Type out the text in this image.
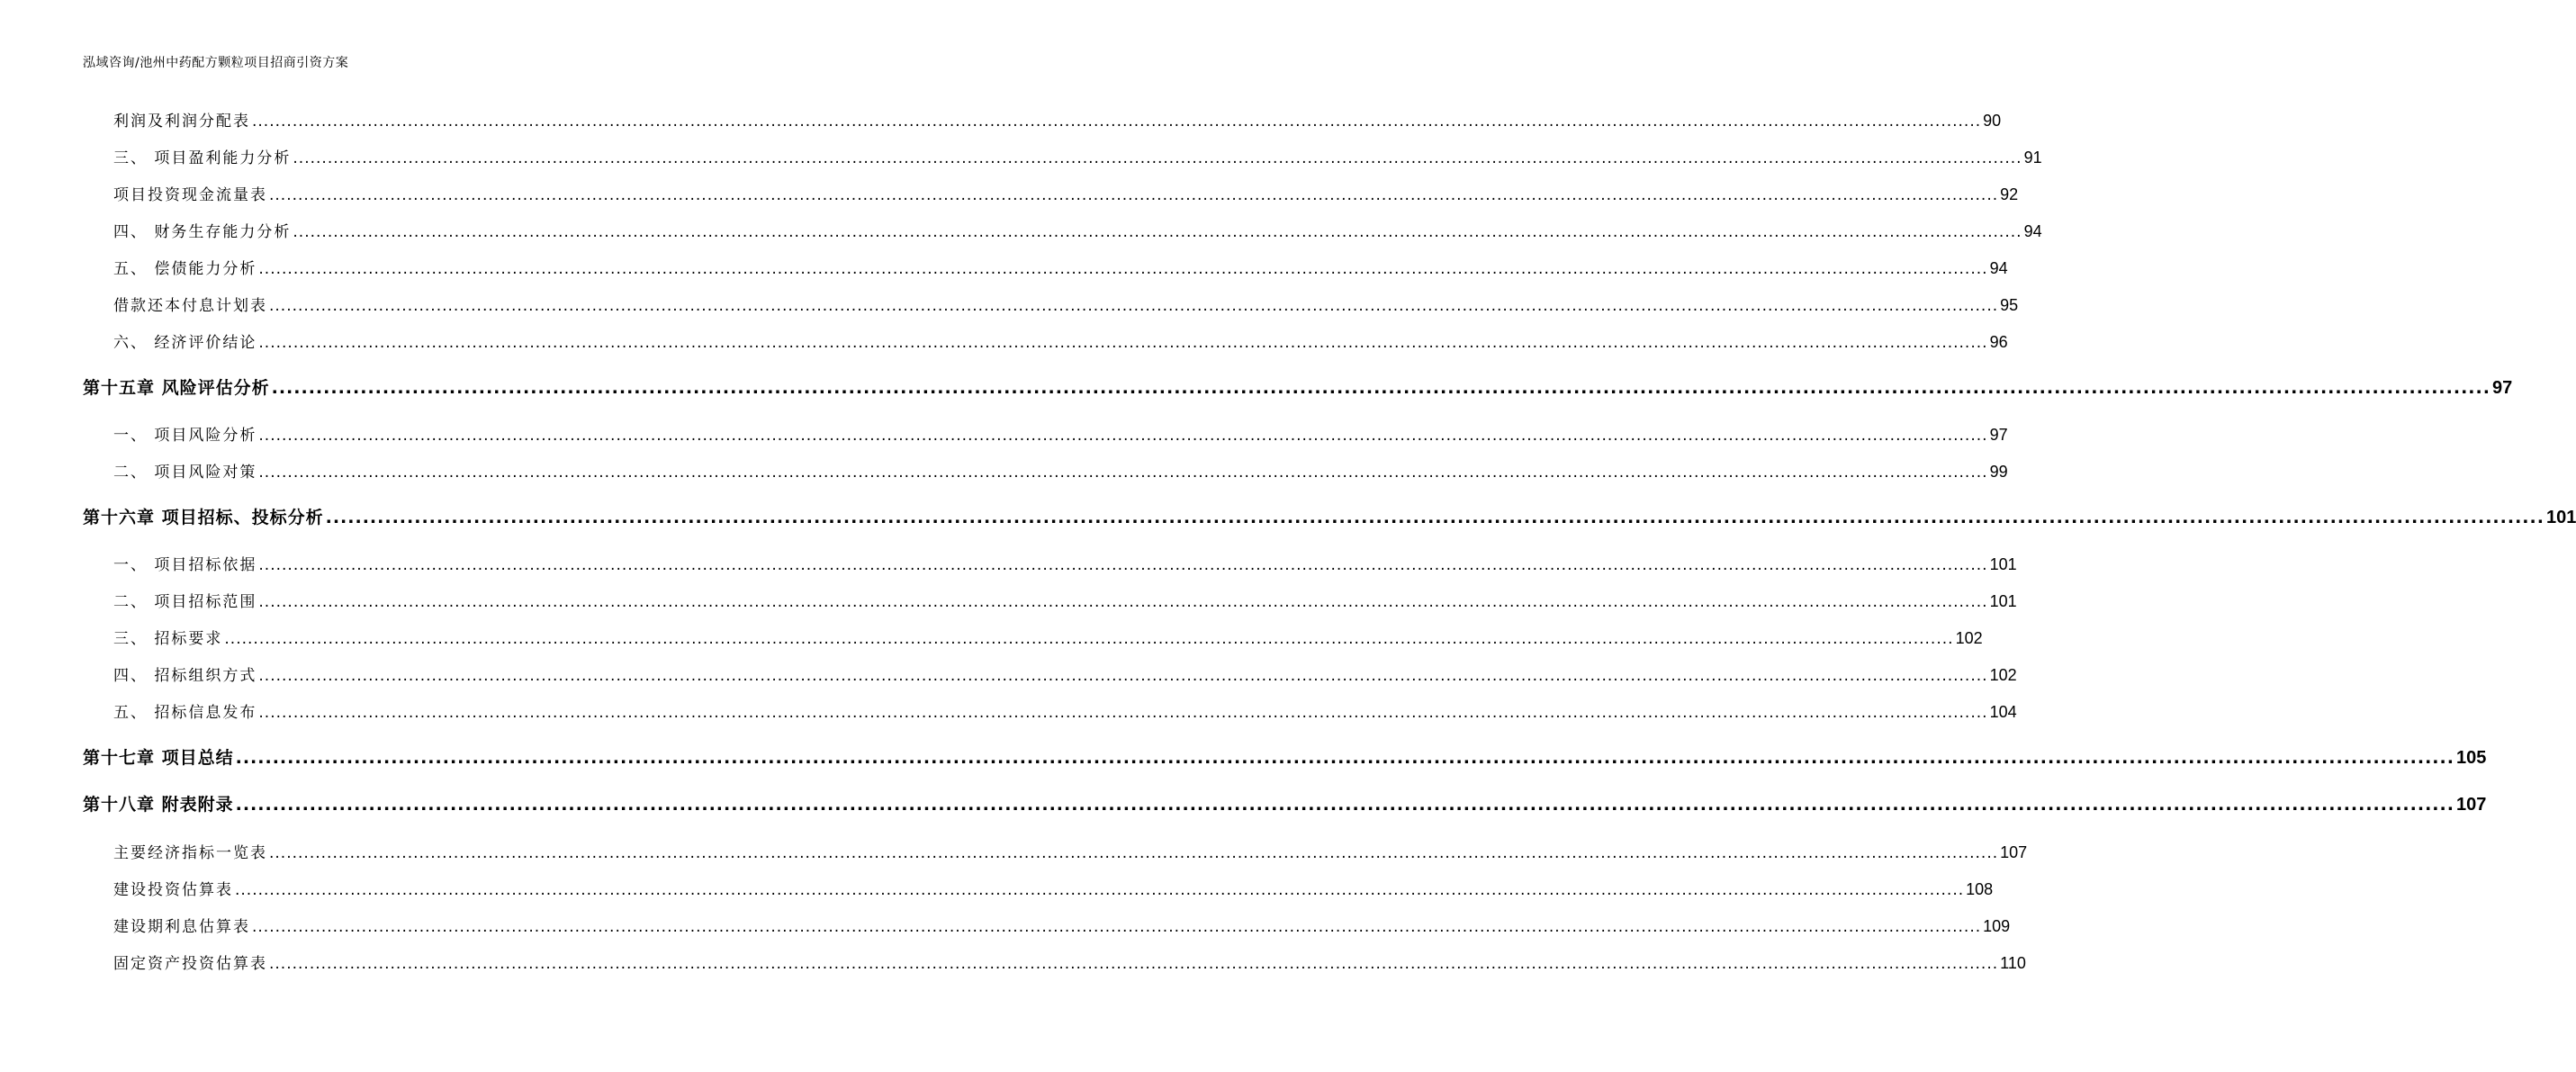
泓域咨询/池州中药配方颗粒项目招商引资方案
利润及利润分配表 ............................................................................................................................................................................................................................................................................................................ 90
三、 项目盈利能力分析 ............................................................................................................................................................................................................................................................................................................ 91
项目投资现金流量表 ............................................................................................................................................................................................................................................................................................................ 92
四、 财务生存能力分析 ............................................................................................................................................................................................................................................................................................................ 94
五、 偿债能力分析 ............................................................................................................................................................................................................................................................................................................ 94
借款还本付息计划表 ............................................................................................................................................................................................................................................................................................................ 95
六、 经济评价结论 ............................................................................................................................................................................................................................................................................................................ 96
第十五章 风险评估分析 ............................................................................................................................................................................................................................................................................................................ 97
一、 项目风险分析 ............................................................................................................................................................................................................................................................................................................ 97
二、 项目风险对策 ............................................................................................................................................................................................................................................................................................................ 99
第十六章 项目招标、投标分析 ............................................................................................................................................................................................................................................................................................................ 101
一、 项目招标依据 ............................................................................................................................................................................................................................................................................................................ 101
二、 项目招标范围 ............................................................................................................................................................................................................................................................................................................ 101
三、 招标要求 ............................................................................................................................................................................................................................................................................................................ 102
四、 招标组织方式 ............................................................................................................................................................................................................................................................................................................ 102
五、 招标信息发布 ............................................................................................................................................................................................................................................................................................................ 104
第十七章 项目总结 ............................................................................................................................................................................................................................................................................................................ 105
第十八章 附表附录 ............................................................................................................................................................................................................................................................................................................ 107
主要经济指标一览表 ............................................................................................................................................................................................................................................................................................................ 107
建设投资估算表 ............................................................................................................................................................................................................................................................................................................ 108
建设期利息估算表 ............................................................................................................................................................................................................................................................................................................ 109
固定资产投资估算表 ............................................................................................................................................................................................................................................................................................................ 110
